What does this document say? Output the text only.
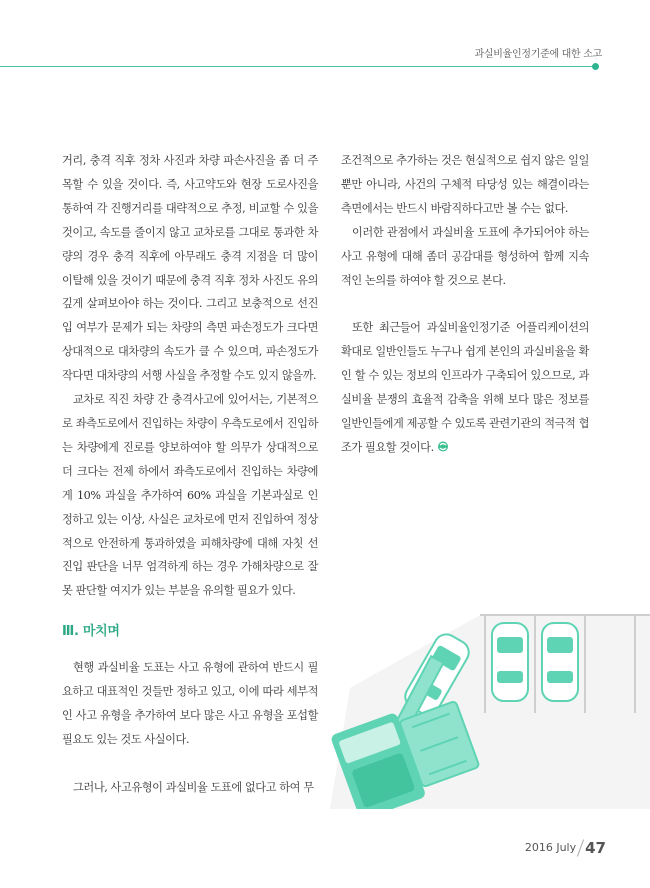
과실비율인정기준에 대한 소고

거리, 충격 직후 정차 사진과 차량 파손사진을 좀 더 주목할 수 있을 것이다. 즉, 사고약도와 현장 도로사진을 통하여 각 진행거리를 대략적으로 추정, 비교할 수 있을 것이고, 속도를 줄이지 않고 교차로를 그대로 통과한 차량의 경우 충격 직후에 아무래도 충격 지점을 더 많이 이탈해 있을 것이기 때문에 충격 직후 정차 사진도 유의깊게 살펴보아야 하는 것이다. 그리고 보충적으로 선진입 여부가 문제가 되는 차량의 측면 파손정도가 크다면 상대적으로 대차량의 속도가 클 수 있으며, 파손정도가 작다면 대차량의 서행 사실을 추정할 수도 있지 않을까.

교차로 직진 차량 간 충격사고에 있어서는, 기본적으로 좌측도로에서 진입하는 차량이 우측도로에서 진입하는 차량에게 진로를 양보하여야 할 의무가 상대적으로 더 크다는 전제 하에서 좌측도로에서 진입하는 차량에게 10% 과실을 추가하여 60% 과실을 기본과실로 인정하고 있는 이상, 사실은 교차로에 먼저 진입하여 정상적으로 안전하게 통과하였을 피해차량에 대해 자칫 선진입 판단을 너무 엄격하게 하는 경우 가해차량으로 잘못 판단할 여지가 있는 부분을 유의할 필요가 있다.

Ⅲ. 마치며

현행 과실비율 도표는 사고 유형에 관하여 반드시 필요하고 대표적인 것들만 정하고 있고, 이에 따라 세부적인 사고 유형을 추가하여 보다 많은 사고 유형을 포섭할 필요도 있는 것도 사실이다.

그러나, 사고유형이 과실비율 도표에 없다고 하여 무

조건적으로 추가하는 것은 현실적으로 쉽지 않은 일일 뿐만 아니라, 사건의 구체적 타당성 있는 해결이라는 측면에서는 반드시 바람직하다고만 볼 수는 없다.

이러한 관점에서 과실비율 도표에 추가되어야 하는 사고 유형에 대해 좀더 공감대를 형성하여 함께 지속적인 논의를 하여야 할 것으로 본다.

또한 최근들어 과실비율인정기준 어플리케이션의 확대로 일반인들도 누구나 쉽게 본인의 과실비율을 확인 할 수 있는 정보의 인프라가 구축되어 있으므로, 과실비율 분쟁의 효율적 감축을 위해 보다 많은 정보를 일반인들에게 제공할 수 있도록 관련기관의 적극적 협조가 필요할 것이다.

2016 July 47
